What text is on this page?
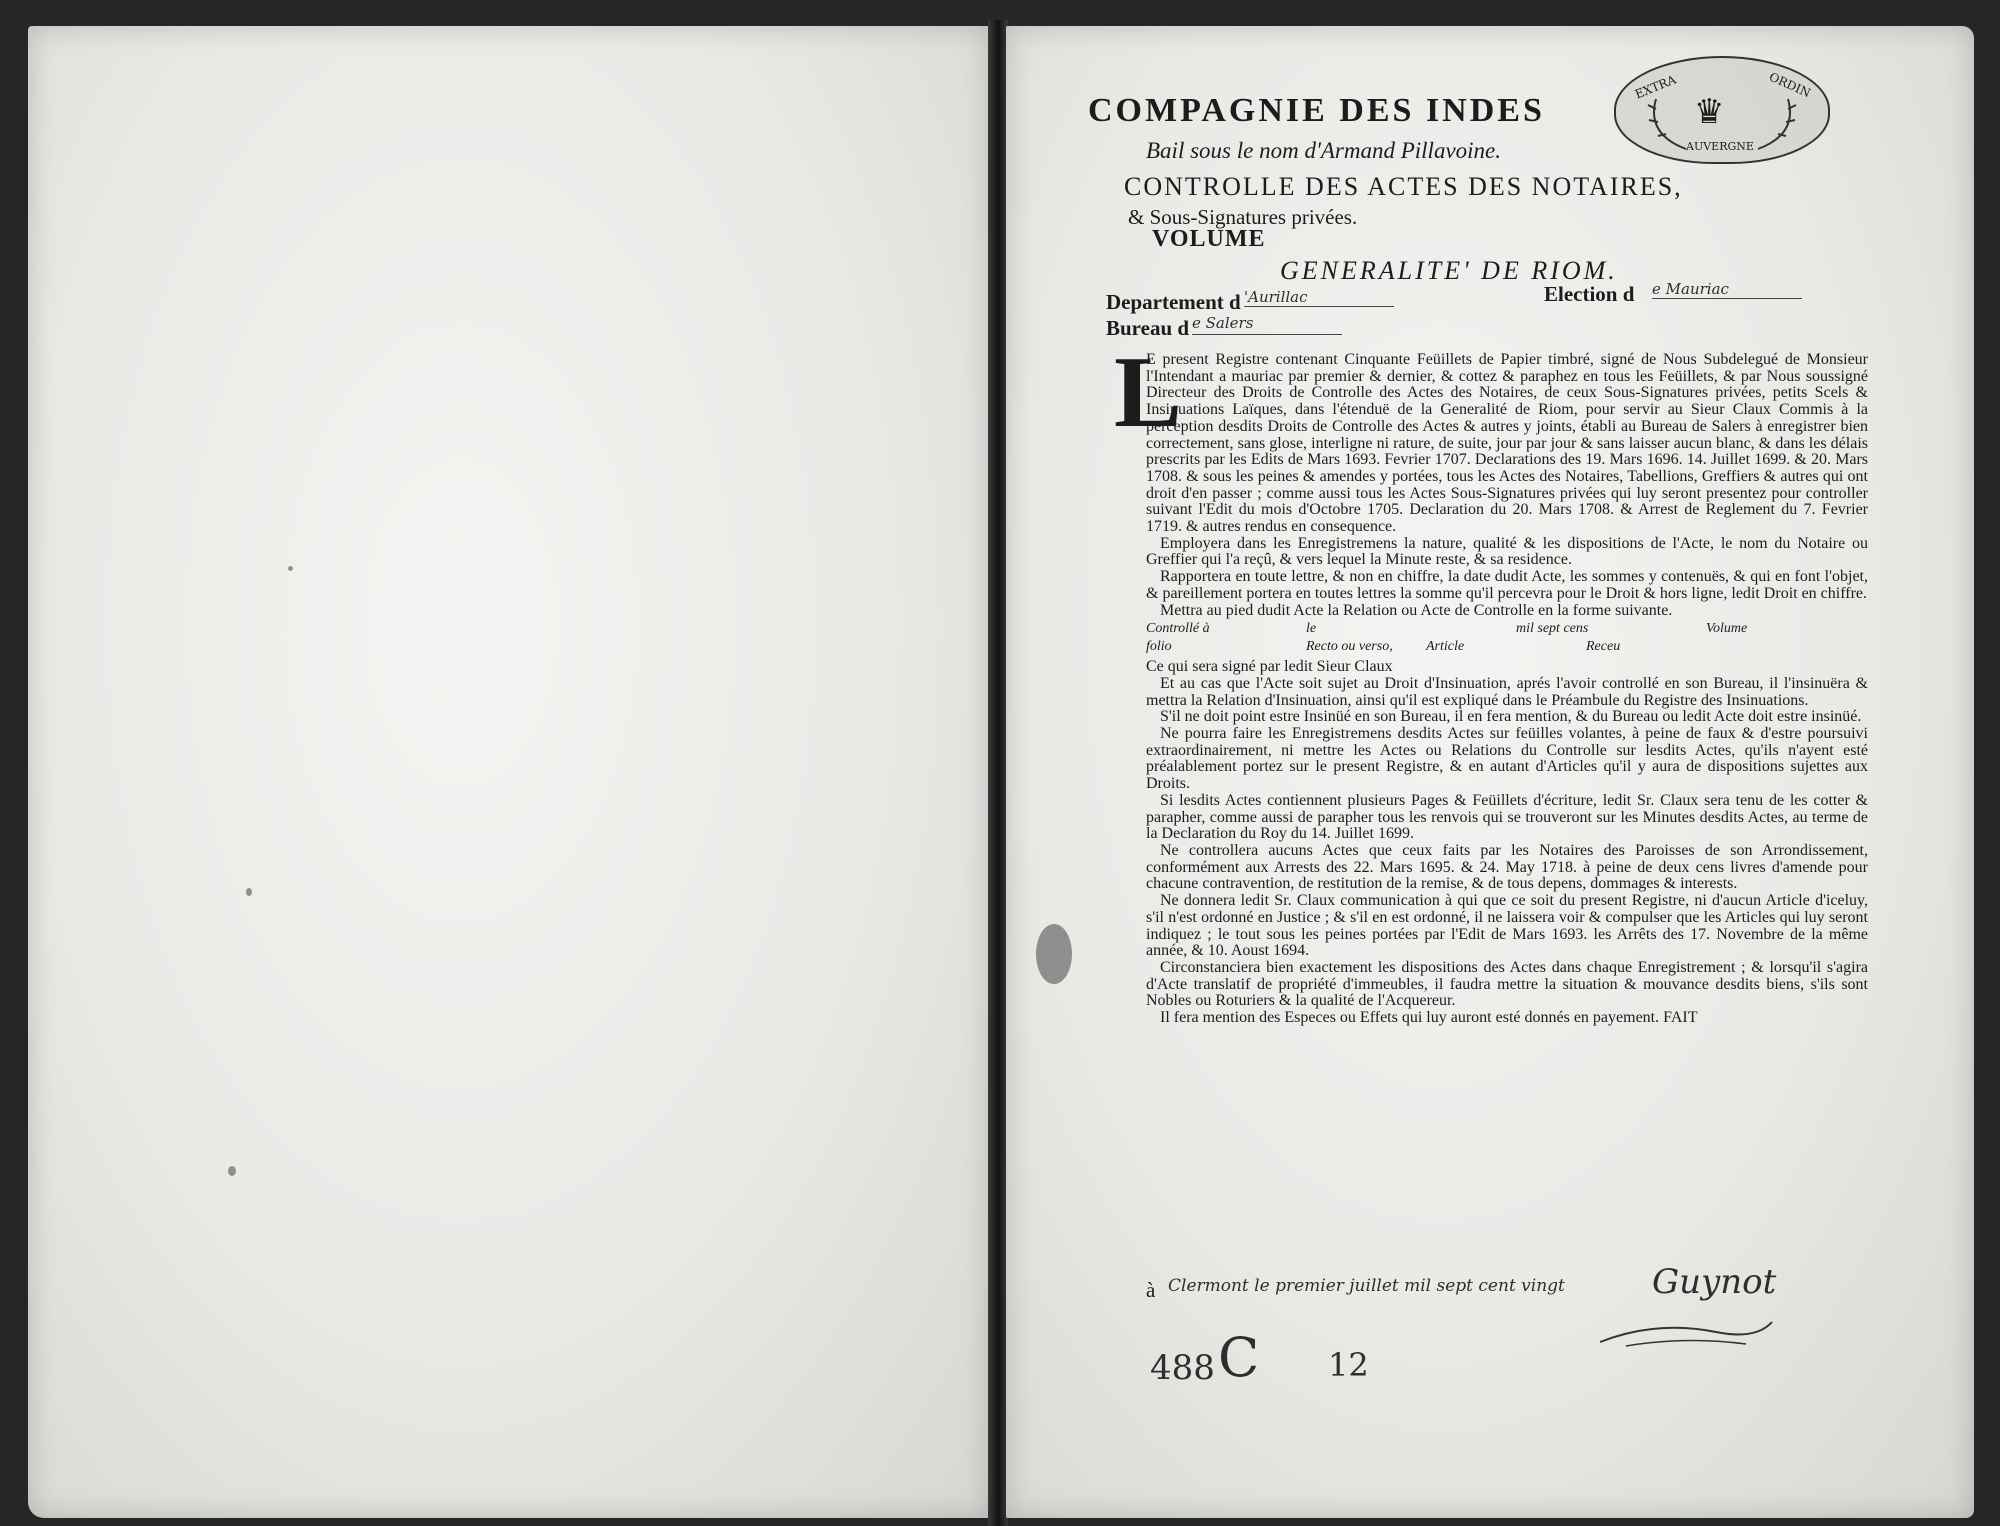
COMPAGNIE DES INDES
Bail sous le nom d'Armand Pillavoine.
CONTROLLE DES ACTES DES NOTAIRES,
& Sous-Signatures privées.
VOLUME
GENERALITE' DE RIOM.
EXTRA	ORDIN
♛
AUVERGNE
Departement d 'Aurillac	Election d e Mauriac
Bureau d e Salers
L

E present Registre contenant Cinquante Feüillets de Papier timbré, signé de Nous Subdelegué de Monsieur l'Intendant a mauriac par premier & dernier, & cottez & paraphez en tous les Feüillets, & par Nous soussigné Directeur des Droits de Controlle des Actes des Notaires, de ceux Sous-Signatures privées, petits Scels & Insinuations Laïques, dans l'étenduë de la Generalité de Riom, pour servir au Sieur Claux Commis à la perception desdits Droits de Controlle des Actes & autres y joints, établi au Bureau de Salers à enregistrer bien correctement, sans glose, interligne ni rature, de suite, jour par jour & sans laisser aucun blanc, & dans les délais prescrits par les Edits de Mars 1693. Fevrier 1707. Declarations des 19. Mars 1696. 14. Juillet 1699. & 20. Mars 1708. & sous les peines & amendes y portées, tous les Actes des Notaires, Tabellions, Greffiers & autres qui ont droit d'en passer ; comme aussi tous les Actes Sous-Signatures privées qui luy seront presentez pour controller suivant l'Edit du mois d'Octobre 1705. Declaration du 20. Mars 1708. & Arrest de Reglement du 7. Fevrier 1719. & autres rendus en consequence.

Employera dans les Enregistremens la nature, qualité & les dispositions de l'Acte, le nom du Notaire ou Greffier qui l'a reçû, & vers lequel la Minute reste, & sa residence.

Rapportera en toute lettre, & non en chiffre, la date dudit Acte, les sommes y contenuës, & qui en font l'objet, & pareillement portera en toutes lettres la somme qu'il percevra pour le Droit & hors ligne, ledit Droit en chiffre.

Mettra au pied dudit Acte la Relation ou Acte de Controlle en la forme suivante.

Controllé à	le	mil sept cens	Volume
folio	Recto ou verso, Article	Receu

Ce qui sera signé par ledit Sieur Claux

Et au cas que l'Acte soit sujet au Droit d'Insinuation, aprés l'avoir controllé en son Bureau, il l'insinuëra & mettra la Relation d'Insinuation, ainsi qu'il est expliqué dans le Préambule du Registre des Insinuations.

S'il ne doit point estre Insinüé en son Bureau, il en fera mention, & du Bureau ou ledit Acte doit estre insinüé.

Ne pourra faire les Enregistremens desdits Actes sur feüilles volantes, à peine de faux & d'estre poursuivi extraordinairement, ni mettre les Actes ou Relations du Controlle sur lesdits Actes, qu'ils n'ayent esté préalablement portez sur le present Registre, & en autant d'Articles qu'il y aura de dispositions sujettes aux Droits.

Si lesdits Actes contiennent plusieurs Pages & Feüillets d'écriture, ledit Sr. Claux sera tenu de les cotter & parapher, comme aussi de parapher tous les renvois qui se trouveront sur les Minutes desdits Actes, au terme de la Declaration du Roy du 14. Juillet 1699.

Ne controllera aucuns Actes que ceux faits par les Notaires des Paroisses de son Arrondissement, conformément aux Arrests des 22. Mars 1695. & 24. May 1718. à peine de deux cens livres d'amende pour chacune contravention, de restitution de la remise, & de tous depens, dommages & interests.

Ne donnera ledit Sr. Claux communication à qui que ce soit du present Registre, ni d'aucun Article d'iceluy, s'il n'est ordonné en Justice ; & s'il en est ordonné, il ne laissera voir & compulser que les Articles qui luy seront indiquez ; le tout sous les peines portées par l'Edit de Mars 1693. les Arrêts des 17. Novembre de la même année, & 10. Aoust 1694.

Circonstanciera bien exactement les dispositions des Actes dans chaque Enregistrement ; & lorsqu'il s'agira d'Acte translatif de propriété d'immeubles, il faudra mettre la situation & mouvance desdits biens, s'ils sont Nobles ou Roturiers & la qualité de l'Acquereur.

Il fera mention des Especes ou Effets qui luy auront esté donnés en payement. FAIT

à Clermont le premier juillet mil sept cent vingt	Guynot
488 C 12
